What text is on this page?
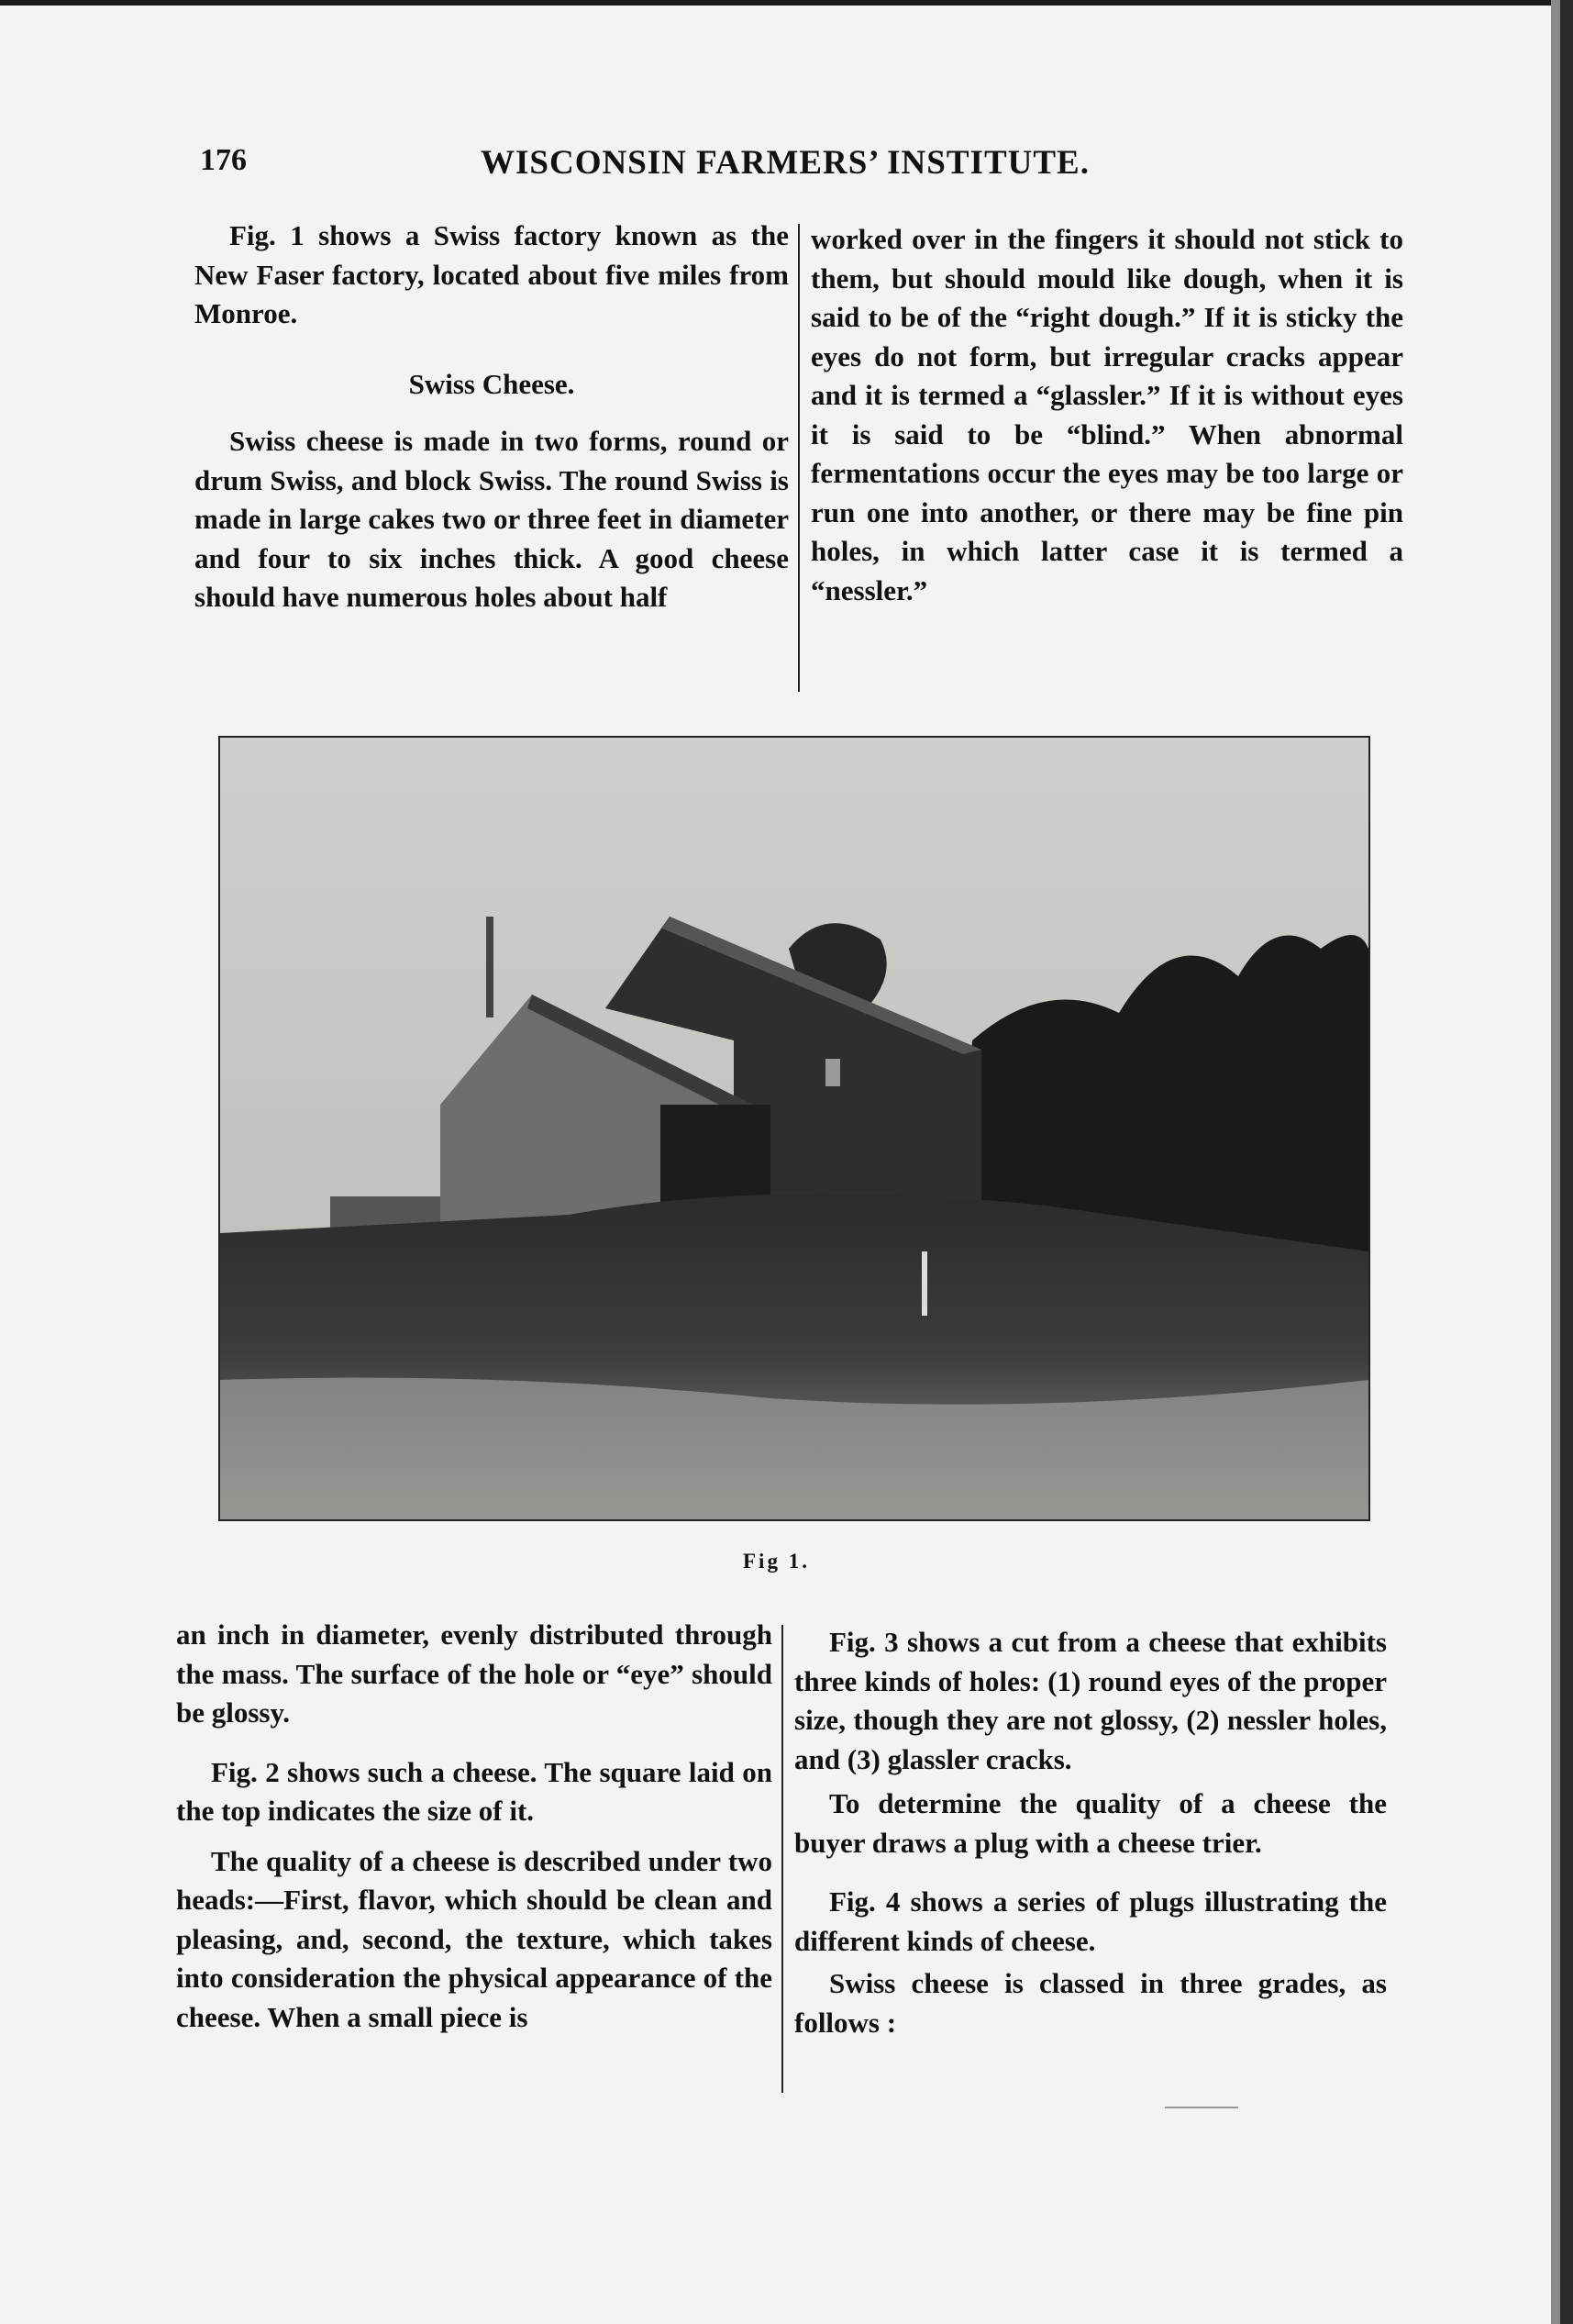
176	WISCONSIN FARMERS’ INSTITUTE.

Fig. 1 shows a Swiss factory known as the New Faser factory, located about five miles from Monroe.

Swiss Cheese.

Swiss cheese is made in two forms, round or drum Swiss, and block Swiss. The round Swiss is made in large cakes two or three feet in diameter and four to six inches thick. A good cheese should have numerous holes about half

worked over in the fingers it should not stick to them, but should mould like dough, when it is said to be of the “right dough.” If it is sticky the eyes do not form, but irregular cracks appear and it is termed a “glassler.” If it is without eyes it is said to be “blind.” When abnormal fermentations occur the eyes may be too large or run one into another, or there may be fine pin holes, in which latter case it is termed a “nessler.”

Fig 1.

an inch in diameter, evenly distributed through the mass. The surface of the hole or “eye” should be glossy.

Fig. 2 shows such a cheese. The square laid on the top indicates the size of it.

The quality of a cheese is described under two heads:—First, flavor, which should be clean and pleasing, and, second, the texture, which takes into consideration the physical appearance of the cheese. When a small piece is

Fig. 3 shows a cut from a cheese that exhibits three kinds of holes: (1) round eyes of the proper size, though they are not glossy, (2) nessler holes, and (3) glassler cracks.

To determine the quality of a cheese the buyer draws a plug with a cheese trier.

Fig. 4 shows a series of plugs illustrating the different kinds of cheese.

Swiss cheese is classed in three grades, as follows :
